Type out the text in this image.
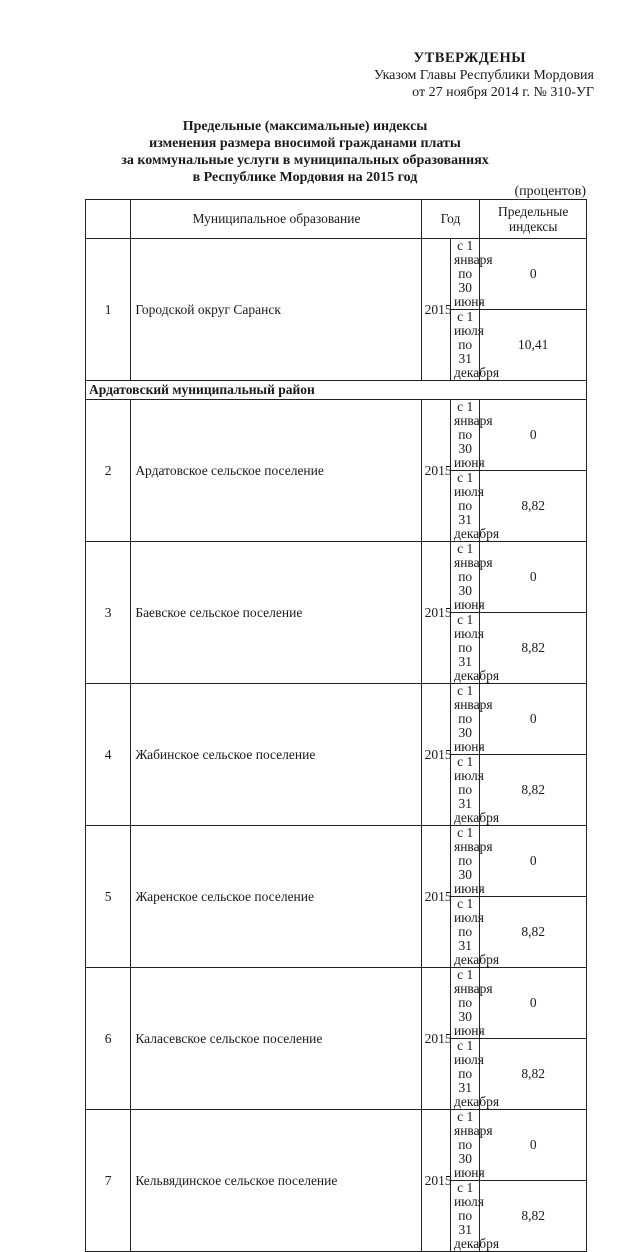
УТВЕРЖДЕНЫ
Указом Главы Республики Мордовия
от 27 ноября 2014 г. № 310-УГ
Предельные (максимальные) индексы
изменения размера вносимой гражданами платы
за коммунальные услуги в муниципальных образованиях
в Республике Мордовия на 2015 год
(процентов)
	Муниципальное образование	Год		Предельные индексы
1	Городской округ Саранск	2015	с 1 января по 30 июня	0
			с 1 июля по 31 декабря	10,41
Ардатовский муниципальный район				
2	Ардатовское сельское поселение	2015	с 1 января по 30 июня	0
			с 1 июля по 31 декабря	8,82
3	Баевское сельское поселение	2015	с 1 января по 30 июня	0
			с 1 июля по 31 декабря	8,82
4	Жабинское сельское поселение	2015	с 1 января по 30 июня	0
			с 1 июля по 31 декабря	8,82
5	Жаренское сельское поселение	2015	с 1 января по 30 июня	0
			с 1 июля по 31 декабря	8,82
6	Каласевское сельское поселение	2015	с 1 января по 30 июня	0
			с 1 июля по 31 декабря	8,82
7	Кельвядинское сельское поселение	2015	с 1 января по 30 июня	0
			с 1 июля по 31 декабря	8,82
